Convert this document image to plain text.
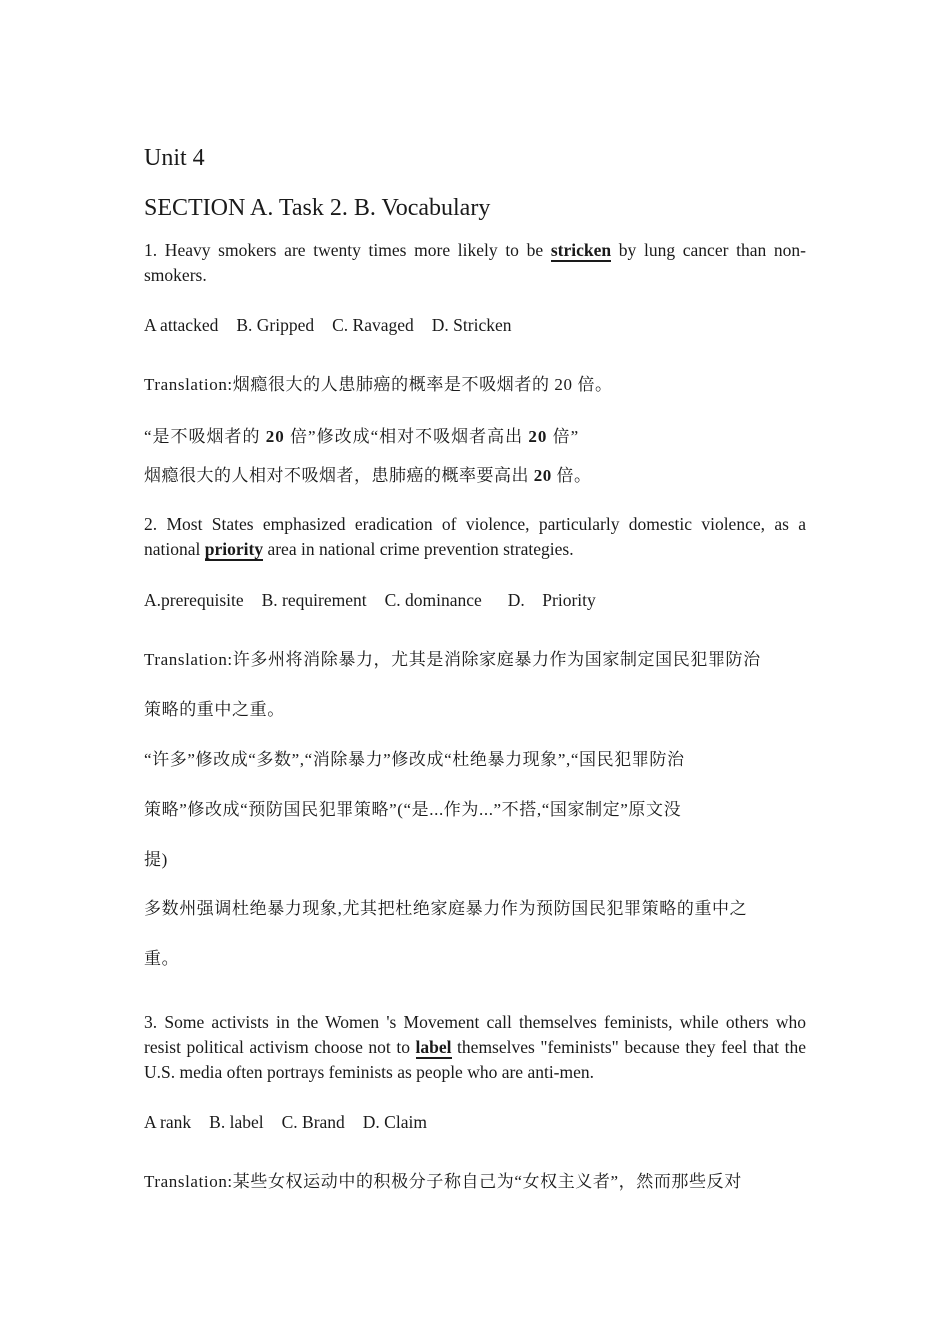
Unit 4

SECTION A. Task 2. B. Vocabulary

1. Heavy smokers are twenty times more likely to be stricken by lung cancer than non-smokers.

A attacked B. Gripped C. Ravaged D. Stricken

Translation:烟瘾很大的人患肺癌的概率是不吸烟者的 20 倍。

“是不吸烟者的 20 倍”修改成“相对不吸烟者高出 20 倍”

烟瘾很大的人相对不吸烟者，患肺癌的概率要高出 20 倍。

2. Most States emphasized eradication of violence, particularly domestic violence, as a national priority area in national crime prevention strategies.

A.prerequisite B. requirement C. dominance D.    Priority

Translation:许多州将消除暴力，尤其是消除家庭暴力作为国家制定国民犯罪防治

策略的重中之重。

“许多”修改成“多数”,“消除暴力”修改成“杜绝暴力现象”,“国民犯罪防治

策略”修改成“预防国民犯罪策略”(“是...作为...”不搭,“国家制定”原文没

提)

多数州强调杜绝暴力现象,尤其把杜绝家庭暴力作为预防国民犯罪策略的重中之

重。

3. Some activists in the Women 's Movement call themselves feminists, while others who resist political activism choose not to label themselves "feminists" because they feel that the U.S. media often portrays feminists as people who are anti-men.

A rank B. label C. Brand D. Claim

Translation:某些女权运动中的积极分子称自己为“女权主义者”，然而那些反对
